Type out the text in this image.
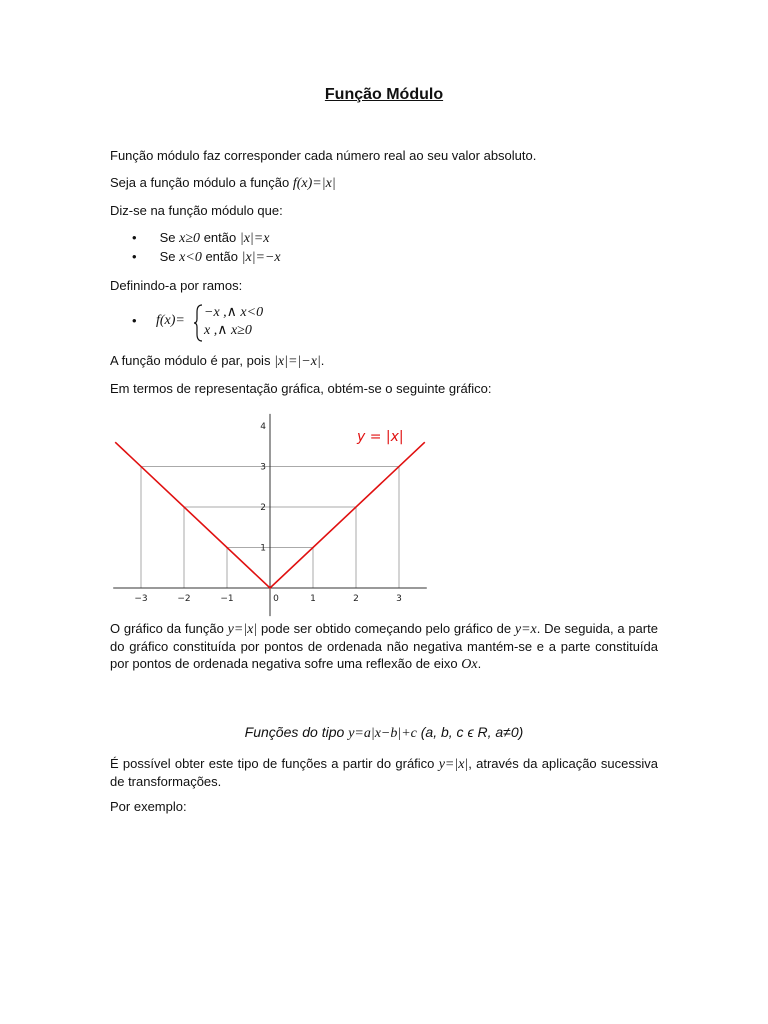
Função Módulo
Função módulo faz corresponder cada número real ao seu valor absoluto.
Seja a função módulo a função f(x)=|x|
Diz-se na função módulo que:
• Se x≥0 então |x|=x
• Se x<0 então |x|=−x
Definindo-a por ramos:
• f(x)=
−x ,∧ x<0
x ,∧ x≥0
A função módulo é par, pois |x|=|−x|.
Em termos de representação gráfica, obtém-se o seguinte gráfico:
O gráfico da função y=|x| pode ser obtido começando pelo gráfico de y=x. De seguida, a parte do gráfico constituída por pontos de ordenada não negativa mantém-se e a parte constituída por pontos de ordenada negativa sofre uma reflexão de eixo Ox.
Funções do tipo y=a|x−b|+c (a, b, c ϵ R, a≠0)
É possível obter este tipo de funções a partir do gráfico y=|x|, através da aplicação sucessiva de transformações.
Por exemplo:
−3	−2	−1	0	1	2	3
1
2
3
4
y = |x|
